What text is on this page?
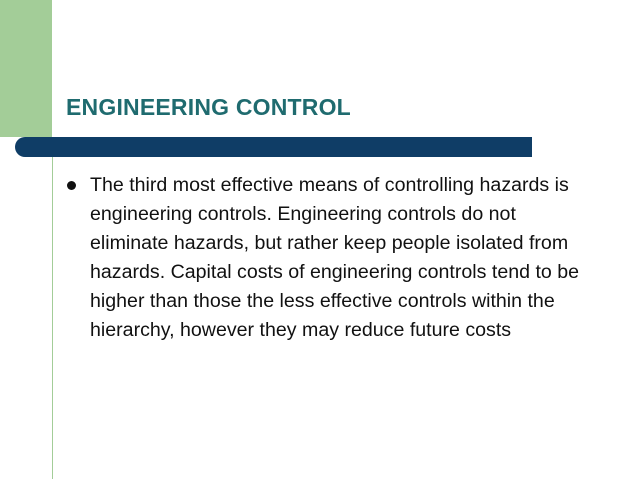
ENGINEERING CONTROL
The third most effective means of controlling hazards is engineering controls. Engineering controls do not eliminate hazards, but rather keep people isolated from hazards. Capital costs of engineering controls tend to be higher than those the less effective controls within the hierarchy, however they may reduce future costs
